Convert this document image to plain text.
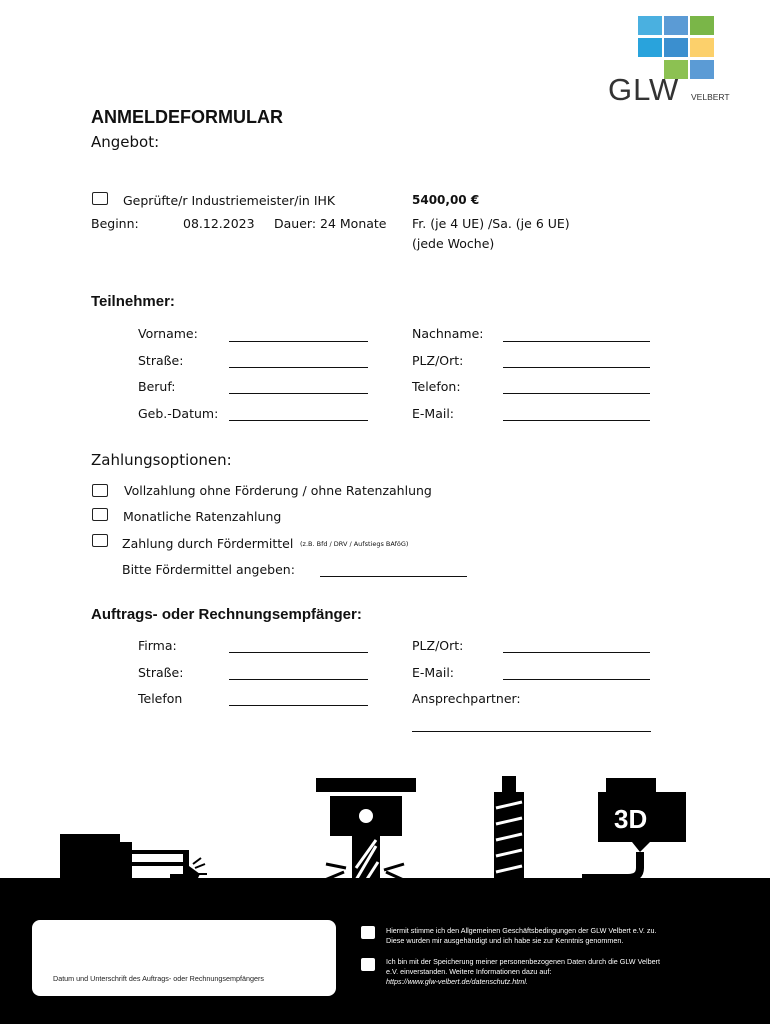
GLW VELBERT
ANMELDEFORMULAR
Angebot:
Geprüfte/r Industriemeister/in IHK	5400,00 €
Beginn:	08.12.2023 Dauer: 24 Monate Fr. (je 4 UE) /Sa. (je 6 UE)
(jede Woche)
Teilnehmer:
Vorname:	Nachname:
Straße:	PLZ/Ort:
Beruf:	Telefon:
Geb.-Datum:	E-Mail:
Zahlungsoptionen:
Vollzahlung ohne Förderung / ohne Ratenzahlung
Monatliche Ratenzahlung
Zahlung durch Fördermittel (z.B. Bfd / DRV / Aufstiegs BAföG)
Bitte Fördermittel angeben:
Auftrags- oder Rechnungsempfänger:
Firma:	PLZ/Ort:
Straße:	E-Mail:
Telefon	Ansprechpartner:
3D
Datum und Unterschrift des Auftrags- oder Rechnungsempfängers
Hiermit stimme ich den Allgemeinen Geschäftsbedingungen der GLW Velbert e.V. zu.
Diese wurden mir ausgehändigt und ich habe sie zur Kenntnis genommen.
Ich bin mit der Speicherung meiner personenbezogenen Daten durch die GLW Velbert
e.V. einverstanden. Weitere Informationen dazu auf:
https://www.glw-velbert.de/datenschutz.html.
